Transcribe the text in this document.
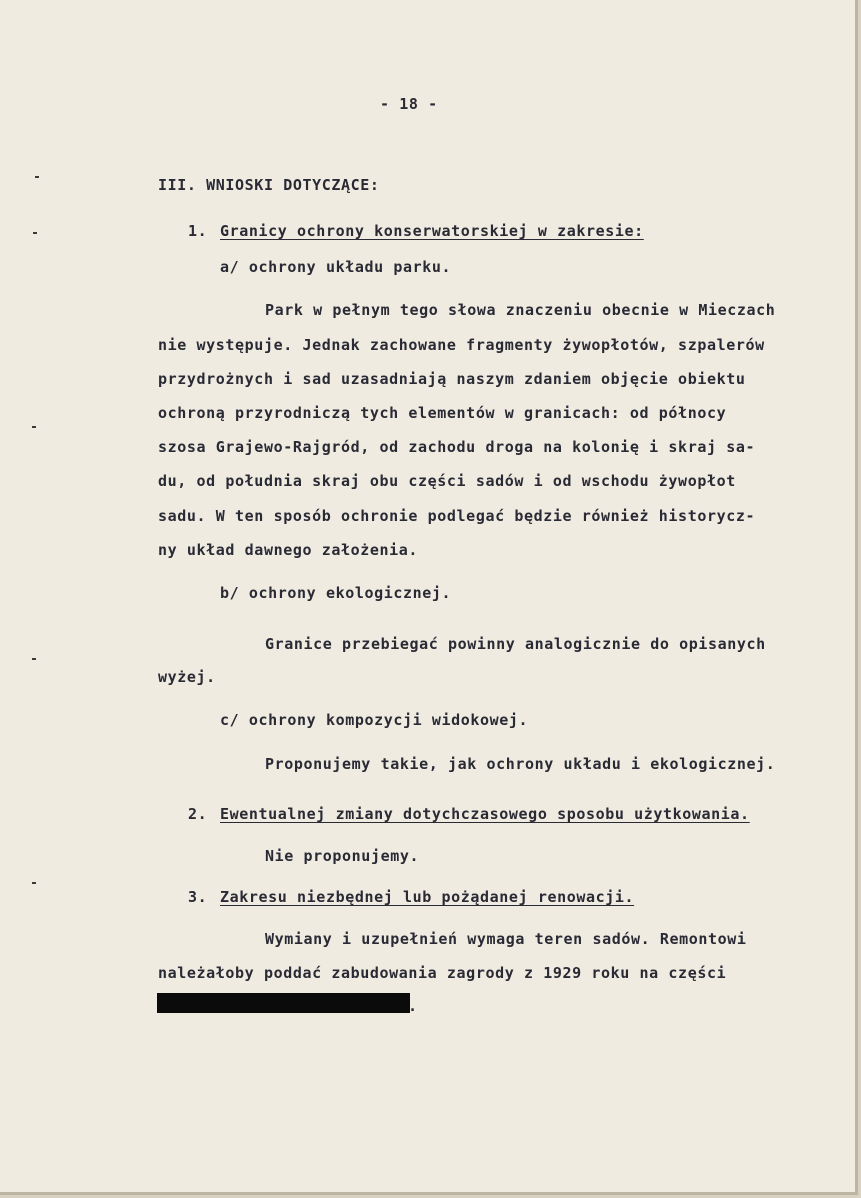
- 18 -
III. WNIOSKI DOTYCZĄCE:
1. Granicy ochrony konserwatorskiej w zakresie:
a/ ochrony układu parku.
Park w pełnym tego słowa znaczeniu obecnie w Mieczach
nie występuje. Jednak zachowane fragmenty żywopłotów, szpalerów
przydrożnych i sad uzasadniają naszym zdaniem objęcie obiektu
ochroną przyrodniczą tych elementów w granicach: od północy
szosa Grajewo-Rajgród, od zachodu droga na kolonię i skraj sa-
du, od południa skraj obu części sadów i od wschodu żywopłot
sadu. W ten sposób ochronie podlegać będzie również historycz-
ny układ dawnego założenia.
b/ ochrony ekologicznej.
Granice przebiegać powinny analogicznie do opisanych
wyżej.
c/ ochrony kompozycji widokowej.
Proponujemy takie, jak ochrony układu i ekologicznej.
2. Ewentualnej zmiany dotychczasowego sposobu użytkowania.
Nie proponujemy.
3. Zakresu niezbędnej lub pożądanej renowacji.
Wymiany i uzupełnień wymaga teren sadów. Remontowi
należałoby poddać zabudowania zagrody z 1929 roku na części
.
